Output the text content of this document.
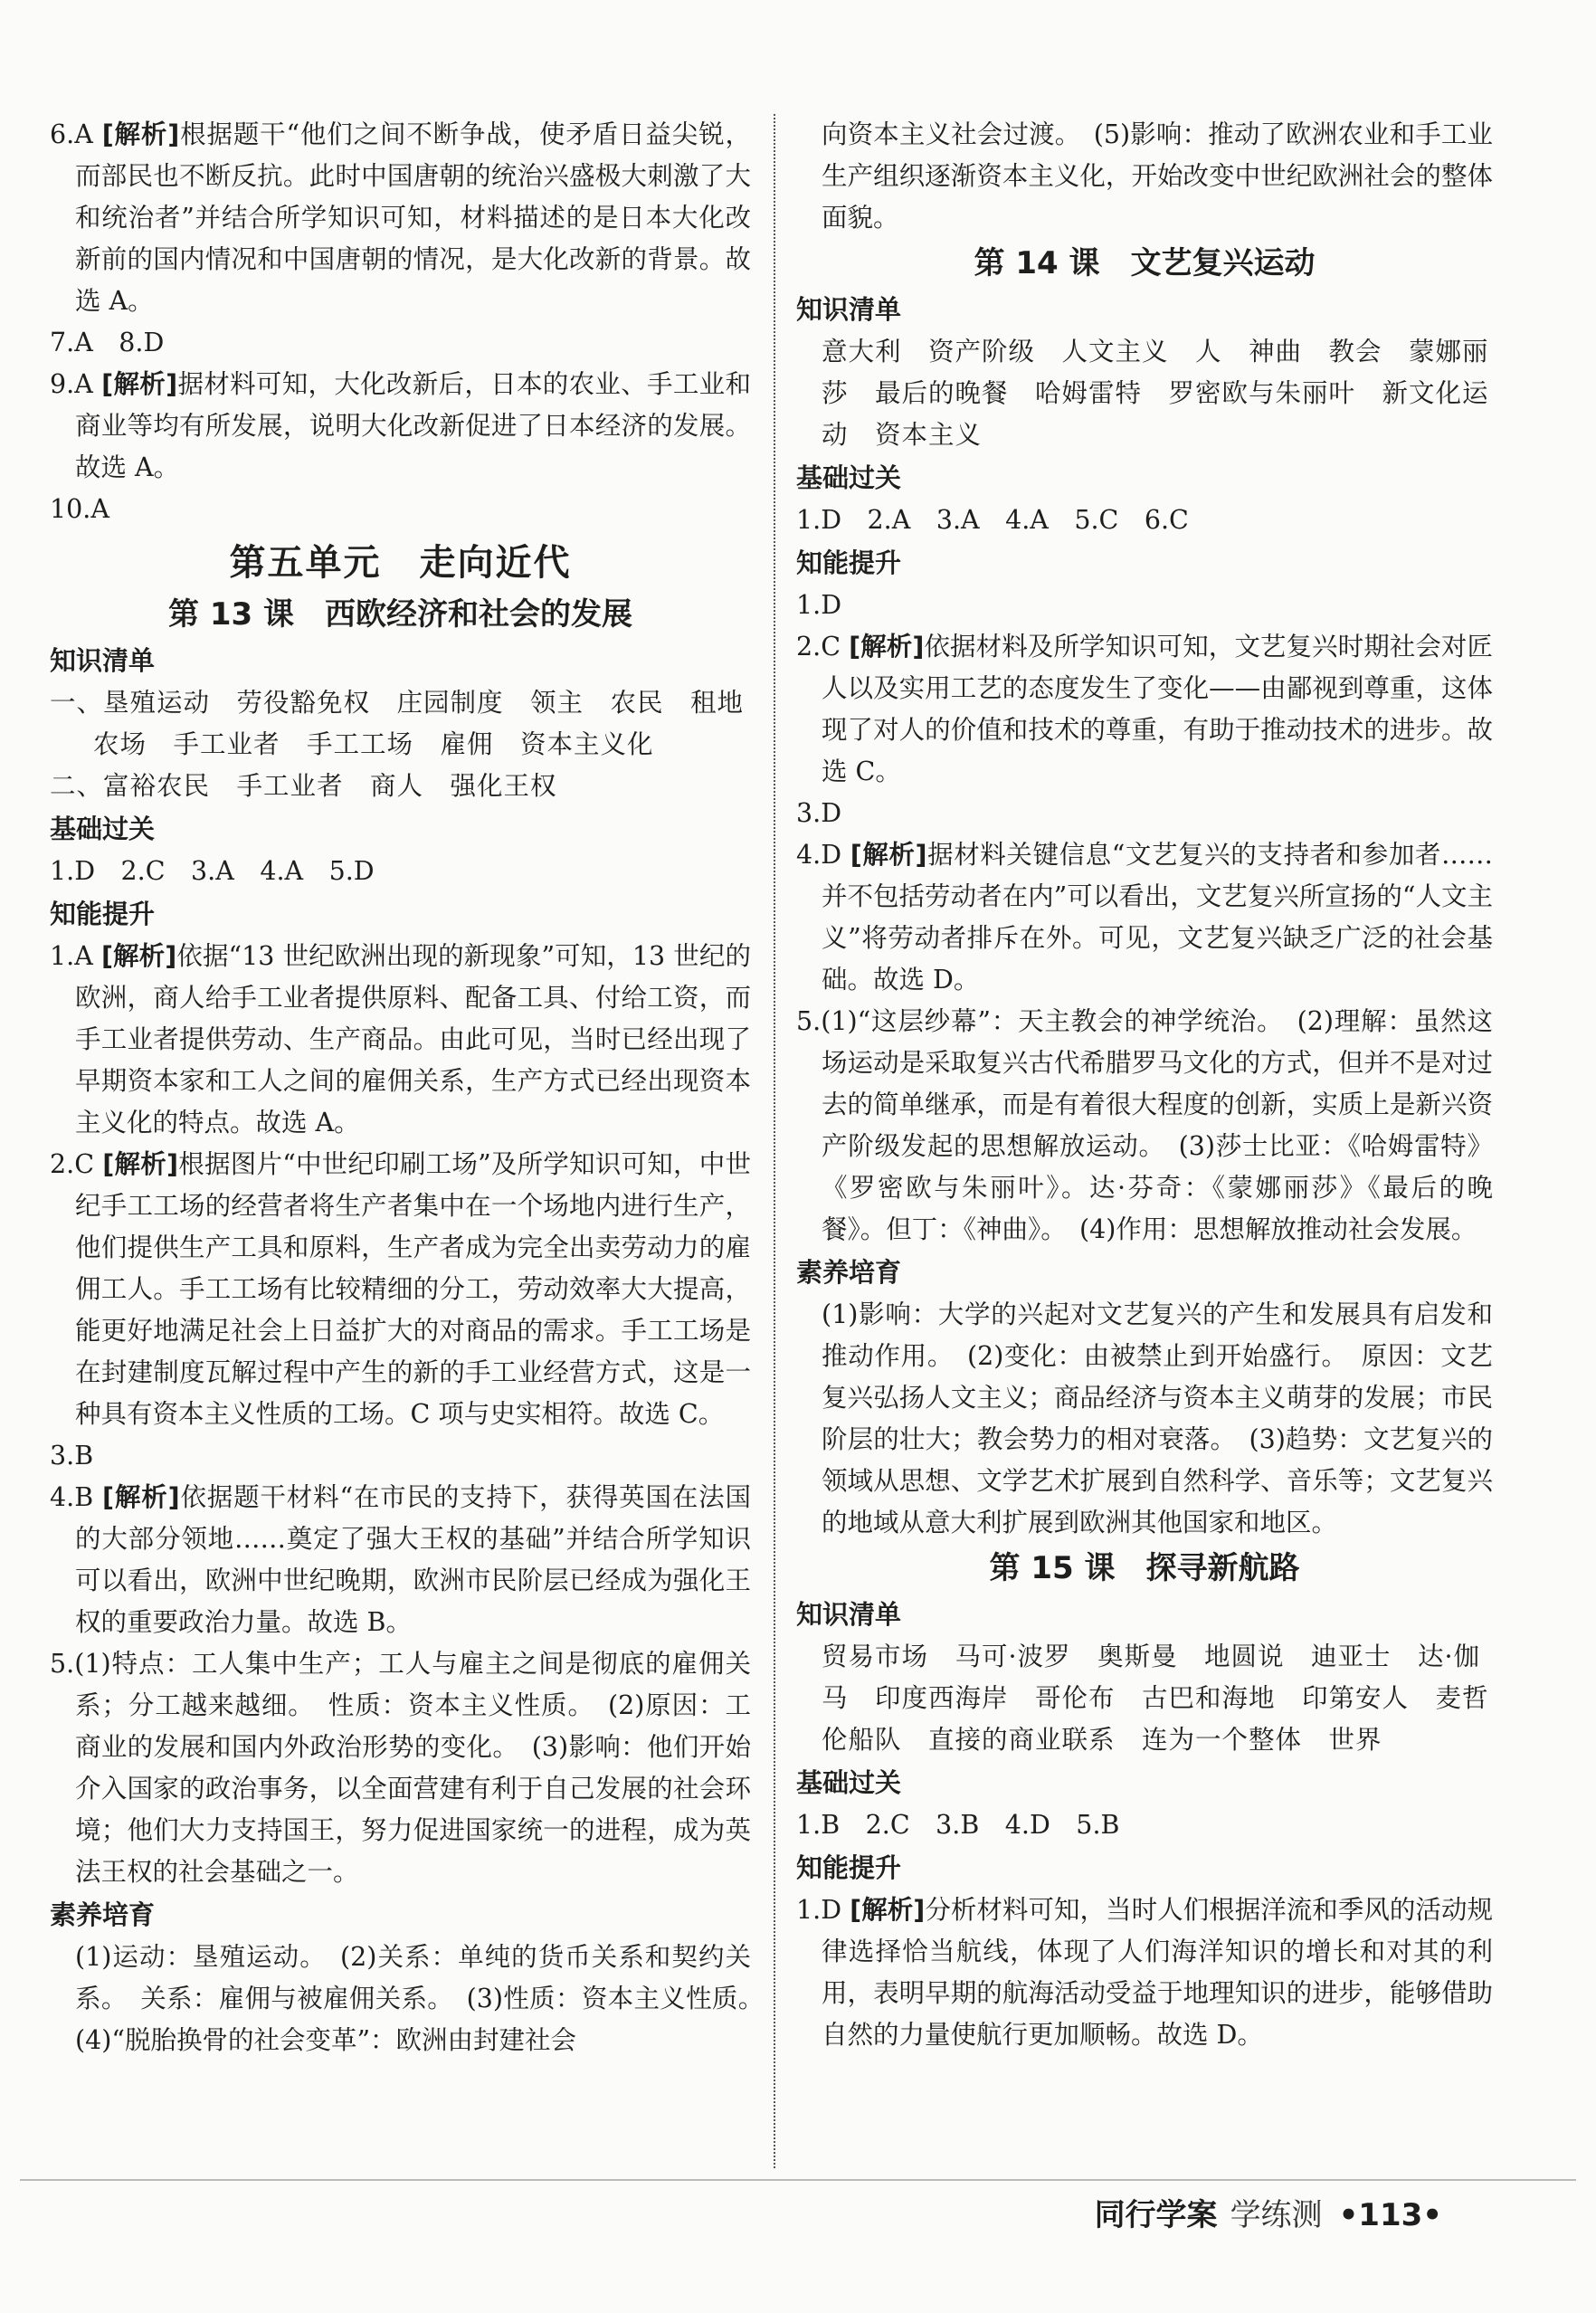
6.A [解析]根据题干“他们之间不断争战，使矛盾日益尖锐，而部民也不断反抗。此时中国唐朝的统治兴盛极大刺激了大和统治者”并结合所学知识可知，材料描述的是日本大化改新前的国内情况和中国唐朝的情况，是大化改新的背景。故选 A。

7.A　8.D

9.A [解析]据材料可知，大化改新后，日本的农业、手工业和商业等均有所发展，说明大化改新促进了日本经济的发展。故选 A。

10.A

第五单元　走向近代
第 13 课　西欧经济和社会的发展
知识清单

一、垦殖运动　劳役豁免权　庄园制度　领主　农民　租地

农场　手工业者　手工工场　雇佣　资本主义化

二、富裕农民　手工业者　商人　强化王权

基础过关

1.D　2.C　3.A　4.A　5.D

知能提升

1.A [解析]依据“13 世纪欧洲出现的新现象”可知，13 世纪的欧洲，商人给手工业者提供原料、配备工具、付给工资，而手工业者提供劳动、生产商品。由此可见，当时已经出现了早期资本家和工人之间的雇佣关系，生产方式已经出现资本主义化的特点。故选 A。

2.C [解析]根据图片“中世纪印刷工场”及所学知识可知，中世纪手工工场的经营者将生产者集中在一个场地内进行生产，他们提供生产工具和原料，生产者成为完全出卖劳动力的雇佣工人。手工工场有比较精细的分工，劳动效率大大提高，能更好地满足社会上日益扩大的对商品的需求。手工工场是在封建制度瓦解过程中产生的新的手工业经营方式，这是一种具有资本主义性质的工场。C 项与史实相符。故选 C。

3.B

4.B [解析]依据题干材料“在市民的支持下，获得英国在法国的大部分领地……奠定了强大王权的基础”并结合所学知识可以看出，欧洲中世纪晚期，欧洲市民阶层已经成为强化王权的重要政治力量。故选 B。

5.(1)特点：工人集中生产；工人与雇主之间是彻底的雇佣关系；分工越来越细。　性质：资本主义性质。　(2)原因：工商业的发展和国内外政治形势的变化。　(3)影响：他们开始介入国家的政治事务，以全面营建有利于自己发展的社会环境；他们大力支持国王，努力促进国家统一的进程，成为英法王权的社会基础之一。

素养培育

(1)运动：垦殖运动。　(2)关系：单纯的货币关系和契约关系。　关系：雇佣与被雇佣关系。　(3)性质：资本主义性质。　(4)“脱胎换骨的社会变革”：欧洲由封建社会

向资本主义社会过渡。　(5)影响：推动了欧洲农业和手工业生产组织逐渐资本主义化，开始改变中世纪欧洲社会的整体面貌。

第 14 课　文艺复兴运动
知识清单

意大利　资产阶级　人文主义　人　神曲　教会　蒙娜丽莎　最后的晚餐　哈姆雷特　罗密欧与朱丽叶　新文化运动　资本主义

基础过关

1.D　2.A　3.A　4.A　5.C　6.C

知能提升

1.D

2.C [解析]依据材料及所学知识可知，文艺复兴时期社会对匠人以及实用工艺的态度发生了变化——由鄙视到尊重，这体现了对人的价值和技术的尊重，有助于推动技术的进步。故选 C。

3.D

4.D [解析]据材料关键信息“文艺复兴的支持者和参加者……并不包括劳动者在内”可以看出，文艺复兴所宣扬的“人文主义”将劳动者排斥在外。可见，文艺复兴缺乏广泛的社会基础。故选 D。

5.(1)“这层纱幕”：天主教会的神学统治。　(2)理解：虽然这场运动是采取复兴古代希腊罗马文化的方式，但并不是对过去的简单继承，而是有着很大程度的创新，实质上是新兴资产阶级发起的思想解放运动。　(3)莎士比亚：《哈姆雷特》《罗密欧与朱丽叶》。达·芬奇：《蒙娜丽莎》《最后的晚餐》。但丁：《神曲》。　(4)作用：思想解放推动社会发展。

素养培育

(1)影响：大学的兴起对文艺复兴的产生和发展具有启发和推动作用。　(2)变化：由被禁止到开始盛行。　原因：文艺复兴弘扬人文主义；商品经济与资本主义萌芽的发展；市民阶层的壮大；教会势力的相对衰落。　(3)趋势：文艺复兴的领域从思想、文学艺术扩展到自然科学、音乐等；文艺复兴的地域从意大利扩展到欧洲其他国家和地区。

第 15 课　探寻新航路
知识清单

贸易市场　马可·波罗　奥斯曼　地圆说　迪亚士　达·伽马　印度西海岸　哥伦布　古巴和海地　印第安人　麦哲伦船队　直接的商业联系　连为一个整体　世界

基础过关

1.B　2.C　3.B　4.D　5.B

知能提升

1.D [解析]分析材料可知，当时人们根据洋流和季风的活动规律选择恰当航线，体现了人们海洋知识的增长和对其的利用，表明早期的航海活动受益于地理知识的进步，能够借助自然的力量使航行更加顺畅。故选 D。

同行学案 学练测 •113•
